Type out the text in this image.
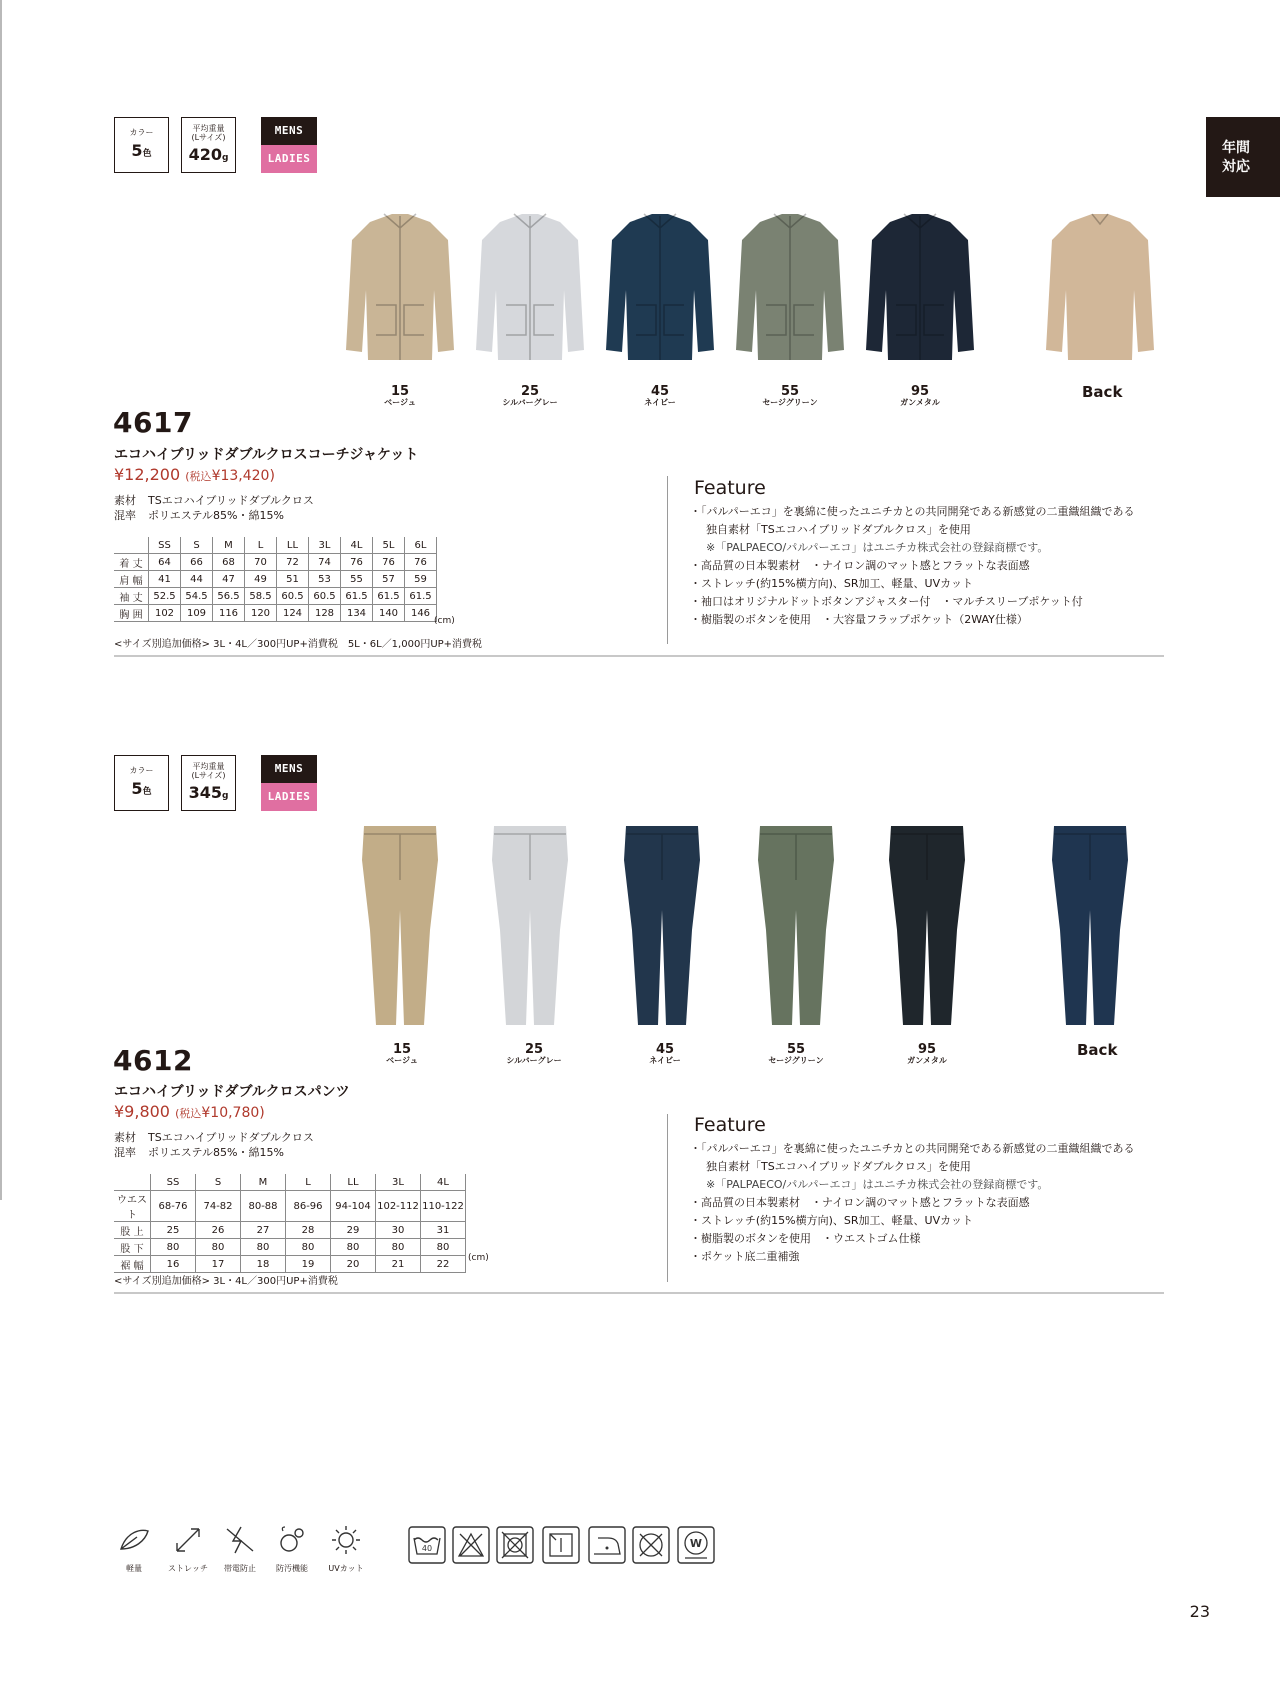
年間
対応
カラー
5色
平均重量
(Lサイズ)
420g
MENS
LADIES
15
ベージュ
25
シルバーグレー
45
ネイビー
55
セージグリーン
95
ガンメタル
Back
4617
エコハイブリッドダブルクロスコーチジャケット
¥12,200 (税込¥13,420)
素材 TSエコハイブリッドダブルクロス
混率 ポリエステル85%・綿15%
	SS	S	M	L	LL	3L	4L	5L	6L
着 丈	64	66	68	70	72	74	76	76	76
肩 幅	41	44	47	49	51	53	55	57	59
袖 丈	52.5	54.5	56.5	58.5	60.5	60.5	61.5	61.5	61.5
胸 囲	102	109	116	120	124	128	134	140	146
(cm)
<サイズ別追加価格> 3L・4L／300円UP+消費税　5L・6L／1,000円UP+消費税
Feature
・「パルパーエコ」を裏綿に使ったユニチカとの共同開発である新感覚の二重織組織である
独自素材「TSエコハイブリッドダブルクロス」を使用
※「PALPAECO/パルパーエコ」はユニチカ株式会社の登録商標です。
・高品質の日本製素材　・ナイロン調のマット感とフラットな表面感
・ストレッチ(約15%横方向)、SR加工、軽量、UVカット
・袖口はオリジナルドットボタンアジャスター付　・マルチスリーブポケット付
・樹脂製のボタンを使用　・大容量フラップポケット（2WAY仕様）
カラー
5色
平均重量
(Lサイズ)
345g
MENS
LADIES
15
ベージュ
25
シルバーグレー
45
ネイビー
55
セージグリーン
95
ガンメタル
Back
4612
エコハイブリッドダブルクロスパンツ
¥9,800 (税込¥10,780)
素材 TSエコハイブリッドダブルクロス
混率 ポリエステル85%・綿15%
	SS	S	M	L	LL	3L	4L
ウエスト	68-76	74-82	80-88	86-96	94-104	102-112	110-122
股 上	25	26	27	28	29	30	31
股 下	80	80	80	80	80	80	80
裾 幅	16	17	18	19	20	21	22
(cm)
<サイズ別追加価格> 3L・4L／300円UP+消費税
Feature
・「パルパーエコ」を裏綿に使ったユニチカとの共同開発である新感覚の二重織組織である
独自素材「TSエコハイブリッドダブルクロス」を使用
※「PALPAECO/パルパーエコ」はユニチカ株式会社の登録商標です。
・高品質の日本製素材　・ナイロン調のマット感とフラットな表面感
・ストレッチ(約15%横方向)、SR加工、軽量、UVカット
・樹脂製のボタンを使用　・ウエストゴム仕様
・ポケット底二重補強
軽量	ストレッチ	帯電防止	防汚機能	UVカット
40	W
23
